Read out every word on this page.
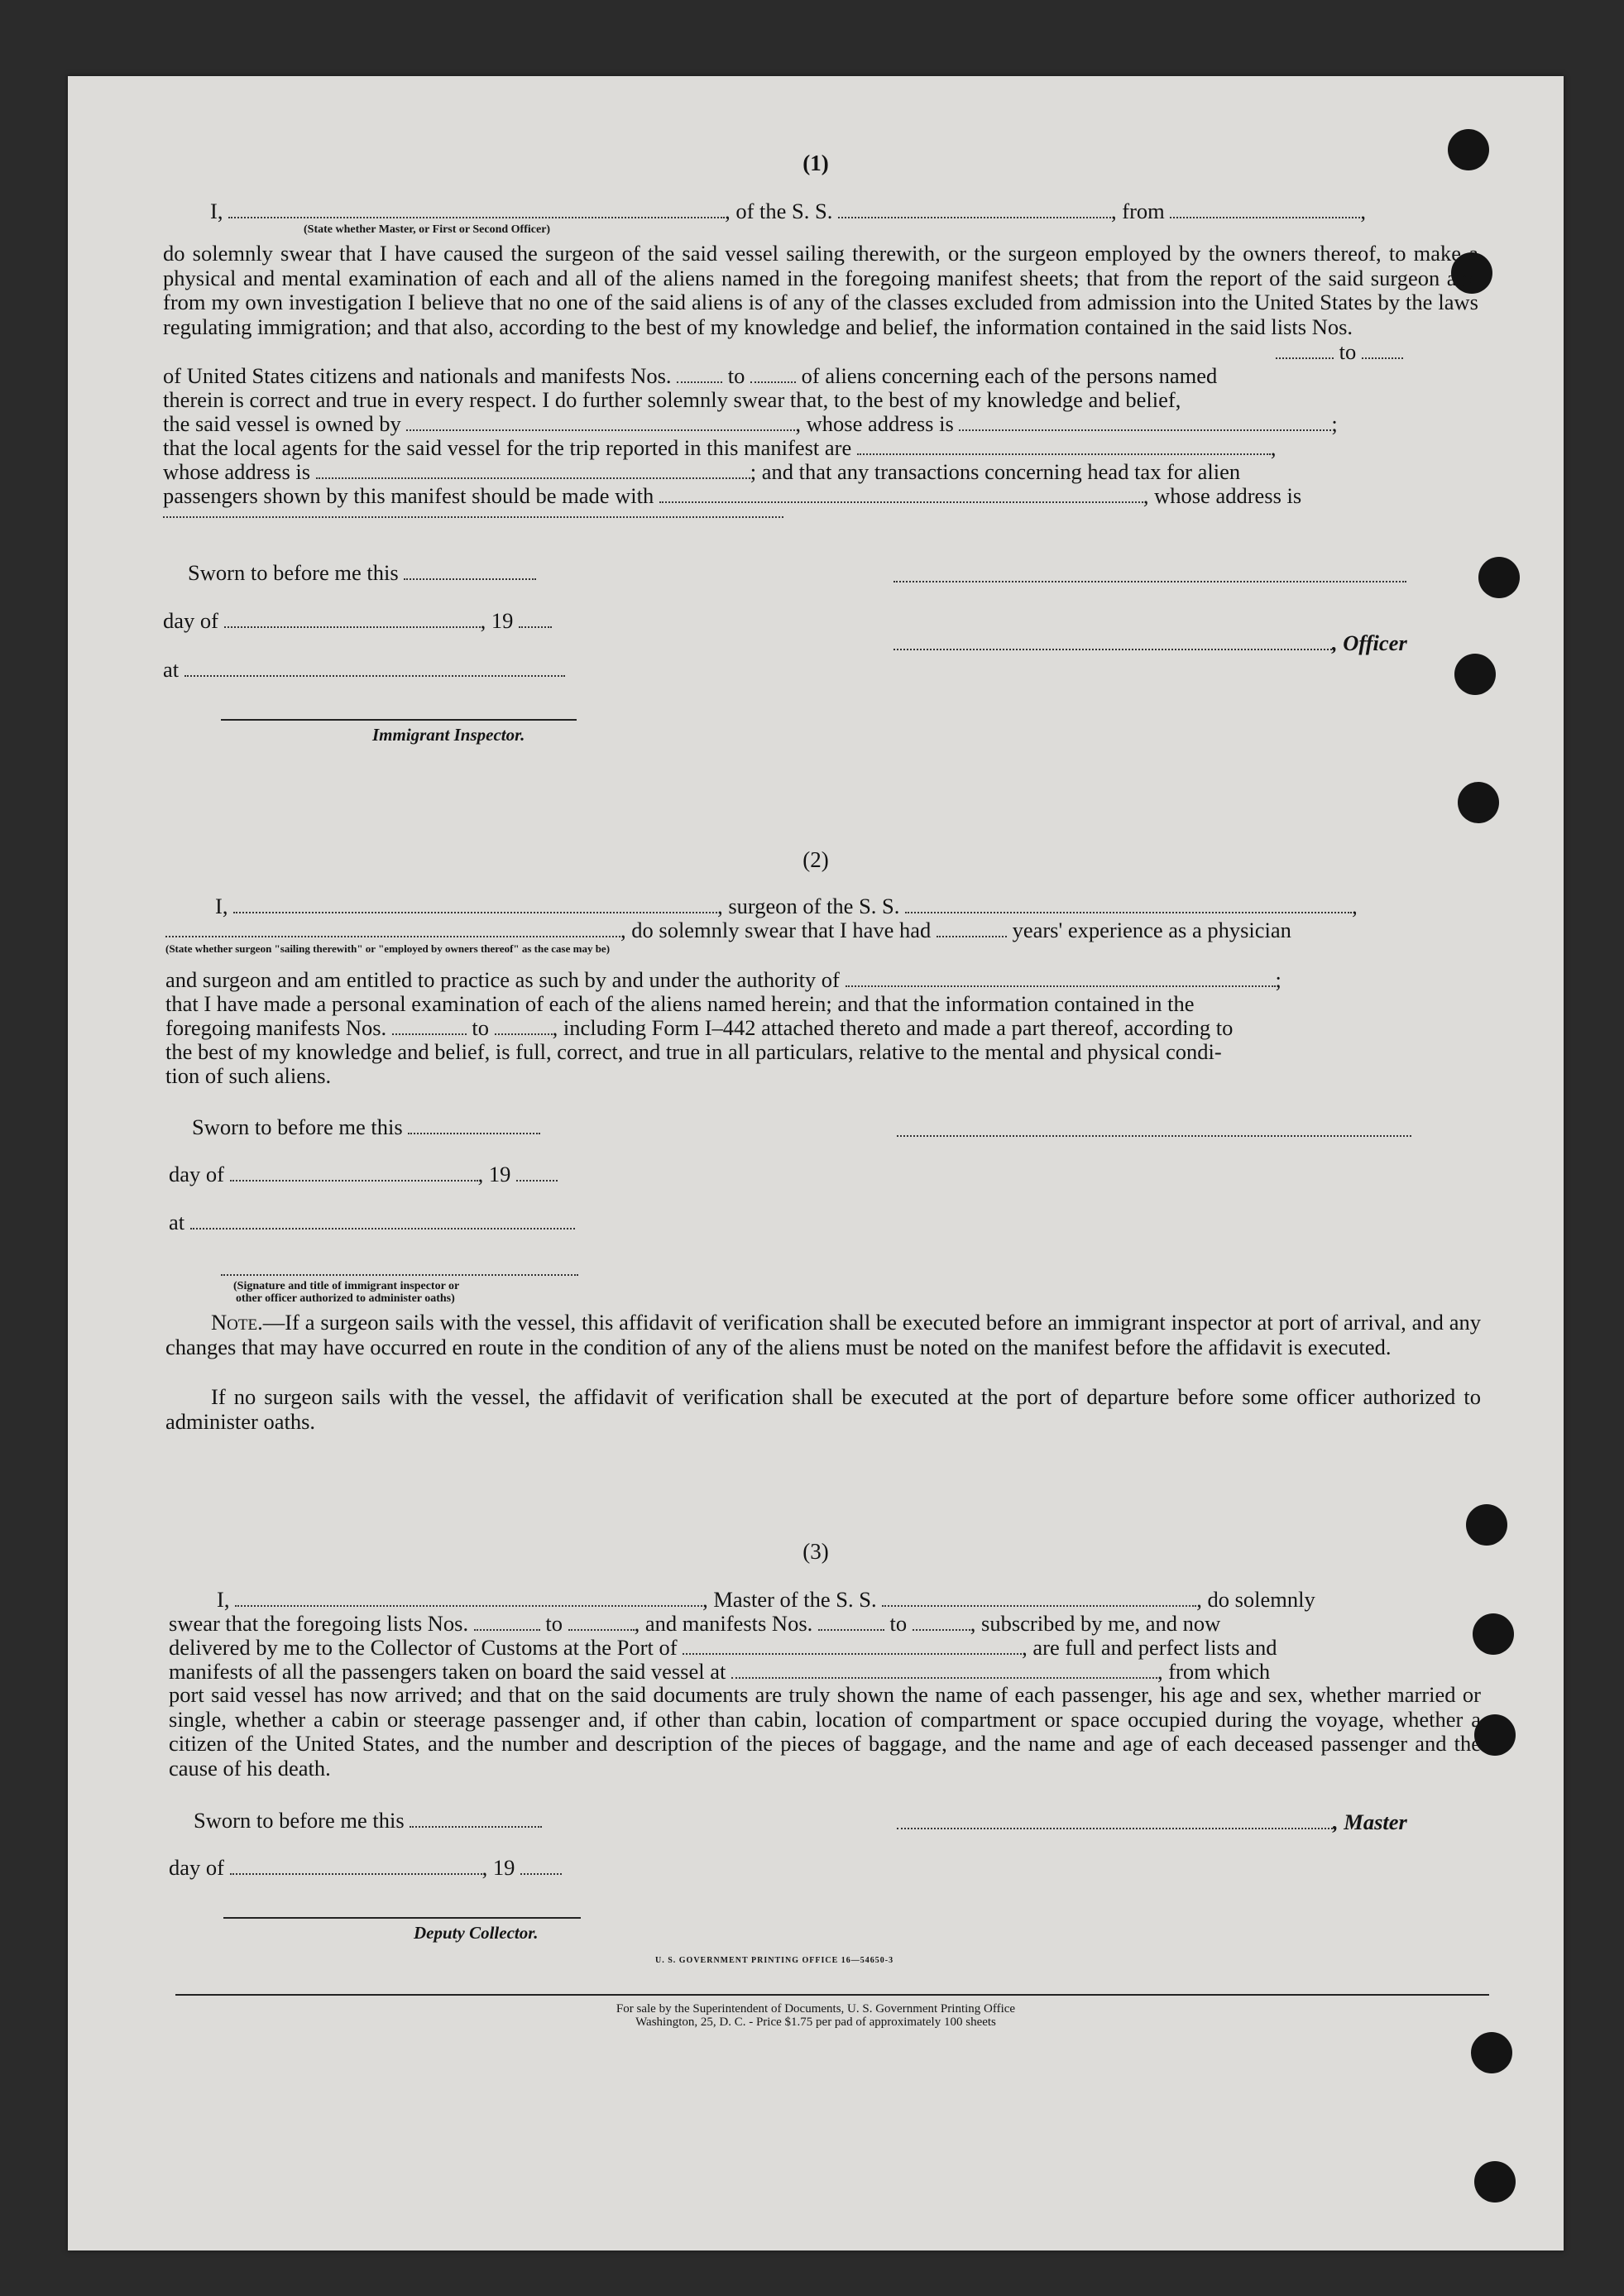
(1)
I,	, of the S. S.	, from	,
(State whether Master, or First or Second Officer)
do solemnly swear that I have caused the surgeon of the said vessel sailing therewith, or the surgeon employed by the owners thereof, to make a physical and mental examination of each and all of the aliens named in the foregoing manifest sheets; that from the report of the said surgeon and from my own investigation I believe that no one of the said aliens is of any of the classes excluded from admission into the United States by the laws regulating immigration; and that also, according to the best of my knowledge and belief, the information contained in the said lists Nos.
to
of United States citizens and nationals and manifests Nos.	to	of aliens concerning each of the persons named
therein is correct and true in every respect. I do further solemnly swear that, to the best of my knowledge and belief,
the said vessel is owned by	, whose address is	;
that the local agents for the said vessel for the trip reported in this manifest are	,
whose address is	; and that any transactions concerning head tax for alien
passengers shown by this manifest should be made with	, whose address is
Sworn to before me this
day of	, 19
, Officer
at
Immigrant Inspector.
(2)
I,	, surgeon of the S. S.	,
, do solemnly swear that I have had	years' experience as a physician
(State whether surgeon "sailing therewith" or "employed by owners thereof" as the case may be)
and surgeon and am entitled to practice as such by and under the authority of	;
that I have made a personal examination of each of the aliens named herein; and that the information contained in the
foregoing manifests Nos.	to	, including Form I–442 attached thereto and made a part thereof, according to
the best of my knowledge and belief, is full, correct, and true in all particulars, relative to the mental and physical condi-
tion of such aliens.
Sworn to before me this
day of	, 19
at
(Signature and title of immigrant inspector or
other officer authorized to administer oaths)
Note.—If a surgeon sails with the vessel, this affidavit of verification shall be executed before an immigrant inspector at port of arrival, and any changes that may have occurred en route in the condition of any of the aliens must be noted on the manifest before the affidavit is executed.
If no surgeon sails with the vessel, the affidavit of verification shall be executed at the port of departure before some officer authorized to administer oaths.
(3)
I,	, Master of the S. S.	, do solemnly
swear that the foregoing lists Nos.	to	, and manifests Nos.	to	, subscribed by me, and now
delivered by me to the Collector of Customs at the Port of	, are full and perfect lists and
manifests of all the passengers taken on board the said vessel at	, from which
port said vessel has now arrived; and that on the said documents are truly shown the name of each passenger, his age and sex, whether married or single, whether a cabin or steerage passenger and, if other than cabin, location of compartment or space occupied during the voyage, whether a citizen of the United States, and the number and description of the pieces of baggage, and the name and age of each deceased passenger and the cause of his death.
Sworn to before me this	, Master
day of	, 19
Deputy Collector.
U. S. GOVERNMENT PRINTING OFFICE 16—54650-3
For sale by the Superintendent of Documents, U. S. Government Printing Office
Washington, 25, D. C. - Price $1.75 per pad of approximately 100 sheets
